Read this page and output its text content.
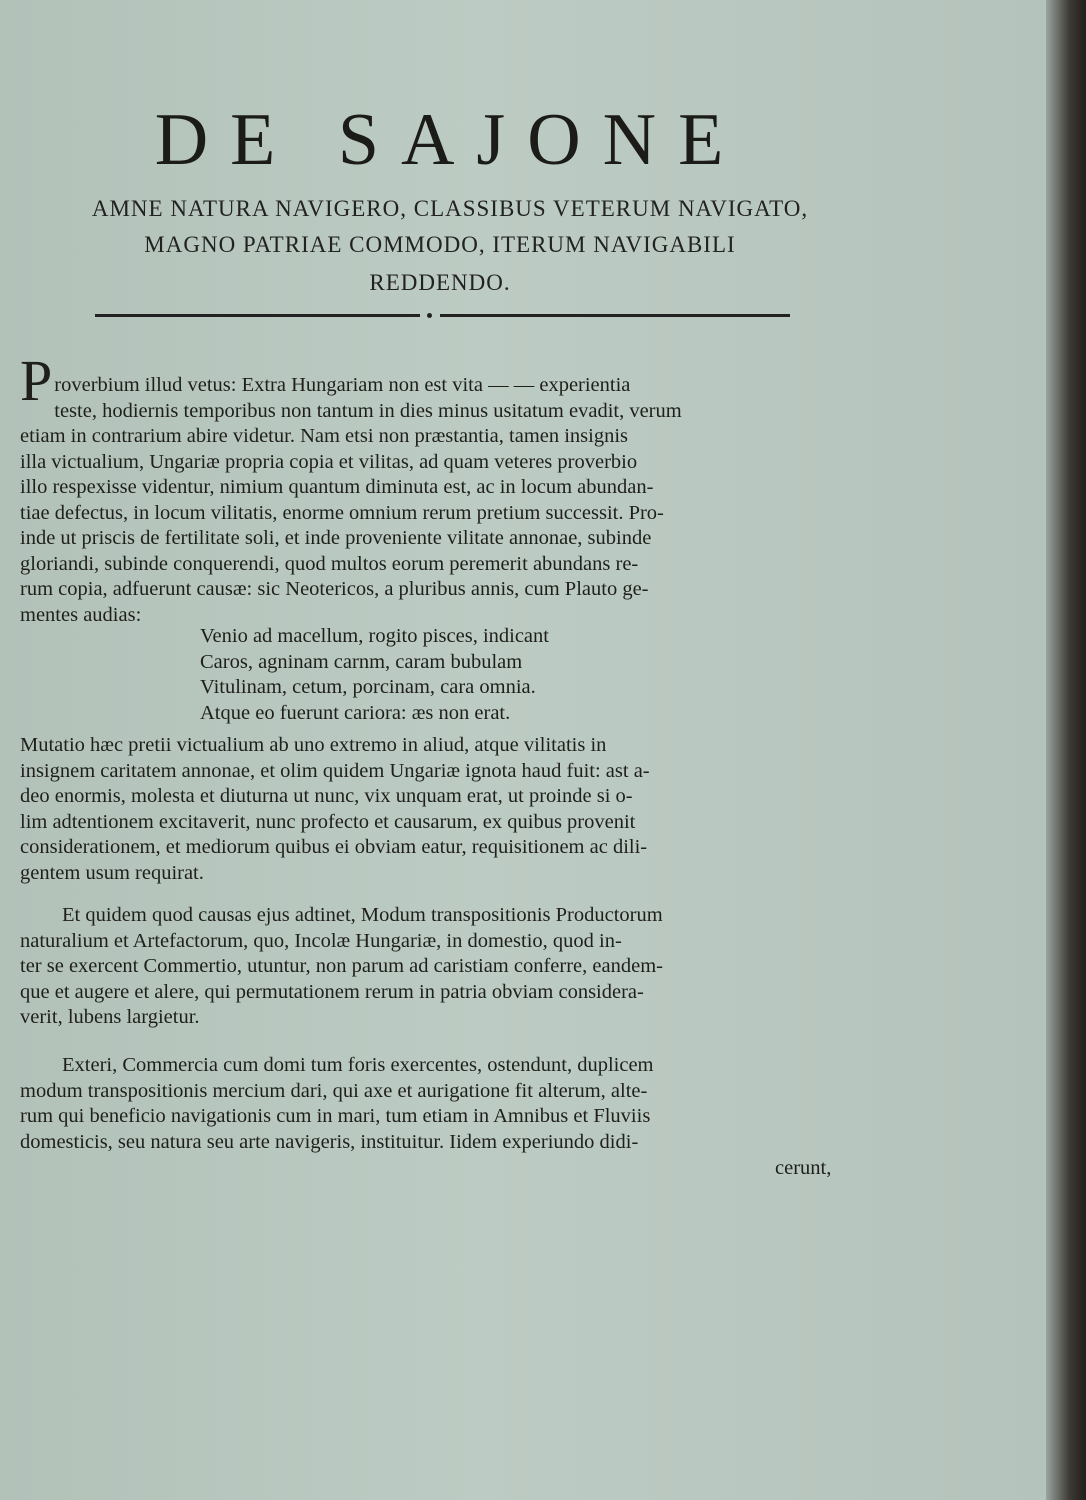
DE SAJONE
AMNE NATURA NAVIGERO, CLASSIBUS VETERUM NAVIGATO,
MAGNO PATRIAE COMMODO, ITERUM NAVIGABILI
REDDENDO.
P roverbium illud vetus: Extra Hungariam non est vita — — experientia
teste, hodiernis temporibus non tantum in dies minus usitatum evadit, verum
etiam in contrarium abire videtur. Nam etsi non præstantia, tamen insignis
illa victualium, Ungariæ propria copia et vilitas, ad quam veteres proverbio
illo respexisse videntur, nimium quantum diminuta est, ac in locum abundan-
tiae defectus, in locum vilitatis, enorme omnium rerum pretium successit. Pro-
inde ut priscis de fertilitate soli, et inde proveniente vilitate annonae, subinde
gloriandi, subinde conquerendi, quod multos eorum peremerit abundans re-
rum copia, adfuerunt causæ: sic Neotericos, a pluribus annis, cum Plauto ge-
mentes audias:
Venio ad macellum, rogito pisces, indicant
Caros, agninam carnm, caram bubulam
Vitulinam, cetum, porcinam, cara omnia.
Atque eo fuerunt cariora: æs non erat.
Mutatio hæc pretii victualium ab uno extremo in aliud, atque vilitatis in
insignem caritatem annonae, et olim quidem Ungariæ ignota haud fuit: ast a-
deo enormis, molesta et diuturna ut nunc, vix unquam erat, ut proinde si o-
lim adtentionem excitaverit, nunc profecto et causarum, ex quibus provenit
considerationem, et mediorum quibus ei obviam eatur, requisitionem ac dili-
gentem usum requirat.
Et quidem quod causas ejus adtinet, Modum transpositionis Productorum
naturalium et Artefactorum, quo, Incolæ Hungariæ, in domestio, quod in-
ter se exercent Commertio, utuntur, non parum ad caristiam conferre, eandem-
que et augere et alere, qui permutationem rerum in patria obviam considera-
verit, lubens largietur.
Exteri, Commercia cum domi tum foris exercentes, ostendunt, duplicem
modum transpositionis mercium dari, qui axe et aurigatione fit alterum, alte-
rum qui beneficio navigationis cum in mari, tum etiam in Amnibus et Fluviis
domesticis, seu natura seu arte navigeris, instituitur. Iidem experiundo didi-
cerunt,
